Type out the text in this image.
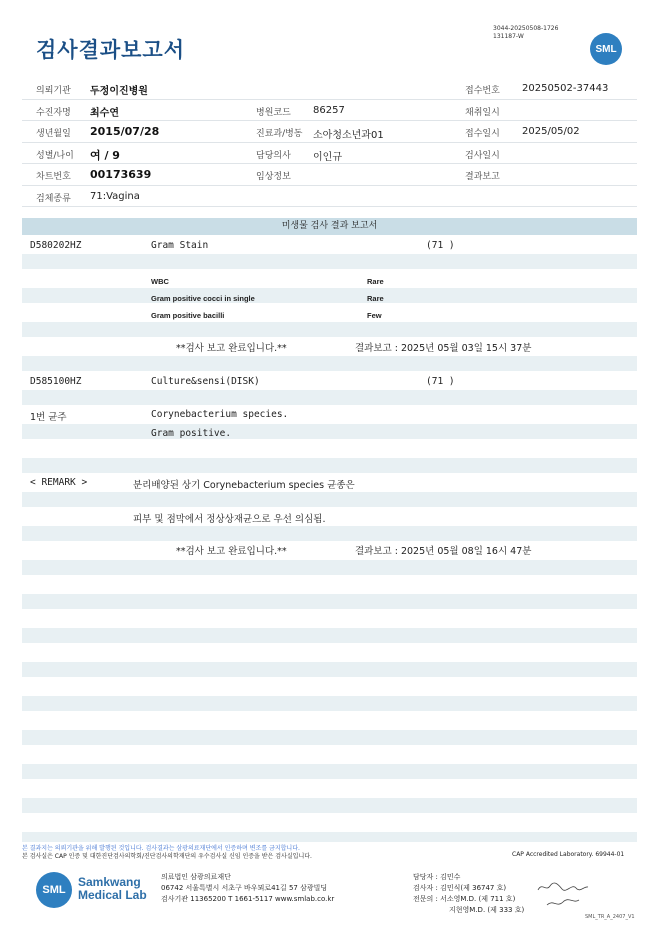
검사결과보고서
3044-20250508-1726
131187-W
SML
의뢰기관 두정이진병원	접수번호 20250502-37443
수진자명 최수연	병원코드 86257	채취일시
생년월일 2015/07/28	진료과/병동 소아청소년과01	접수일시 2025/05/02
성별/나이 여 / 9	담당의사 이인규	검사일시
차트번호 00173639	임상정보	결과보고
검체종류 71:Vagina
미생물 검사 결과 보고서
D580202HZ	Gram Stain	(71 )
WBC	Rare
Gram positive cocci in single	Rare
Gram positive bacilli	Few
**검사 보고 완료입니다.**	결과보고 : 2025년 05월 03일 15시 37분
D585100HZ	Culture&sensi(DISK)	(71 )
1번 균주	Corynebacterium species.
Gram positive.
< REMARK >	분리배양된 상기 Corynebacterium species 균종은
피부 및 점막에서 정상상재균으로 우선 의심됨.
**검사 보고 완료입니다.**	결과보고 : 2025년 05월 08일 16시 47분
본 결과지는 의뢰기관을 위해 발행된 것입니다. 검사결과는 삼광의료재단에서 인증하며 변조를 금지합니다.
본 검사실은 CAP 인증 및 대한진단검사의학회/진단검사의학재단의 우수검사실 신임 인증을 받은 검사실입니다.	CAP Accredited Laboratory. 69944-01
SML
Samkwang
Medical Lab
의료법인 삼광의료재단
06742 서울특별시 서초구 바우뫼로41길 57 삼광빌딩
검사기관 11365200 T 1661-5117 www.smlab.co.kr
담당자 : 김민수
검사자 : 김민식(제 36747 호)
전문의 : 서소영M.D. (제 711 호)
지현영M.D. (제 333 호)
SML_TR_A_2407_V1
